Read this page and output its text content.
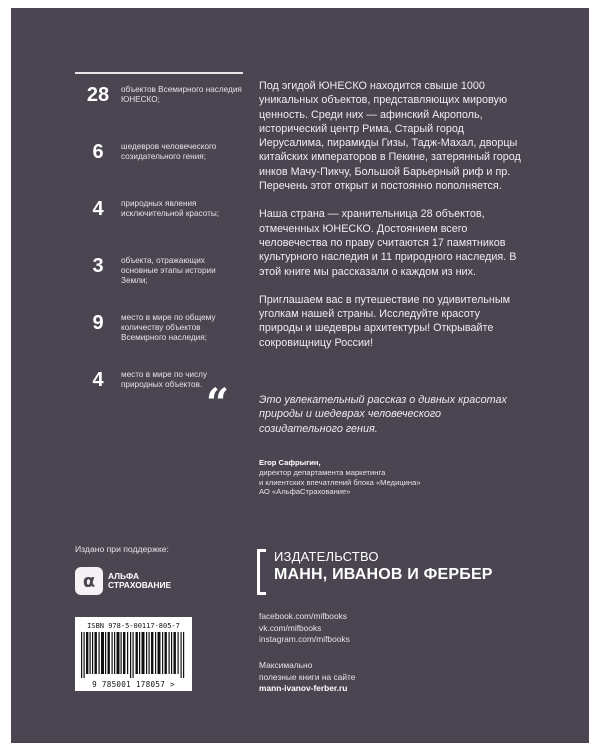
28	объектов Всемирного наследия ЮНЕСКО;
6	шедевров человеческого созидательного гения;
4	природных явления исключительной красоты;
3	объекта, отражающих основные этапы истории Земли;
9	место в мире по общему количеству объектов Всемирного наследия;
4	место в мире по числу природных объектов.

Под эгидой ЮНЕСКО находится свыше 1000 уникальных объектов, представляющих мировую ценность. Среди них — афинский Акрополь, исторический центр Рима, Старый город Иерусалима, пирамиды Гизы, Тадж-Махал, дворцы китайских императоров в Пекине, затерянный город инков Мачу-Пикчу, Большой Барьерный риф и пр. Перечень этот открыт и постоянно пополняется.

Наша страна — хранительница 28 объектов, отмеченных ЮНЕСКО. Достоянием всего человечества по праву считаются 17 памятников культурного наследия и 11 природного наследия. В этой книге мы рассказали о каждом из них.

Приглашаем вас в путешествие по удивительным уголкам нашей страны. Исследуйте красоту природы и шедевры архитектуры! Открывайте сокровищницу России!

“	Это увлекательный рассказ о дивных красотах природы и шедеврах человеческого созидательного гения.
Егор Сафрыгин,
директор департамента маркетинга
и клиентских впечатлений блока «Медицина»
АО «АльфаСтрахование»
Издано при поддержке:
α АЛЬФА
СТРАХОВАНИЕ
ИЗДАТЕЛЬСТВО
МАНН, ИВАНОВ И ФЕРБЕР
facebook.com/mifbooks
vk.com/mifbooks
instagram.com/mifbooks
Максимально
полезные книги на сайте
mann-ivanov-ferber.ru
ISBN 978-5-00117-805-7
9 785001 178057 >
